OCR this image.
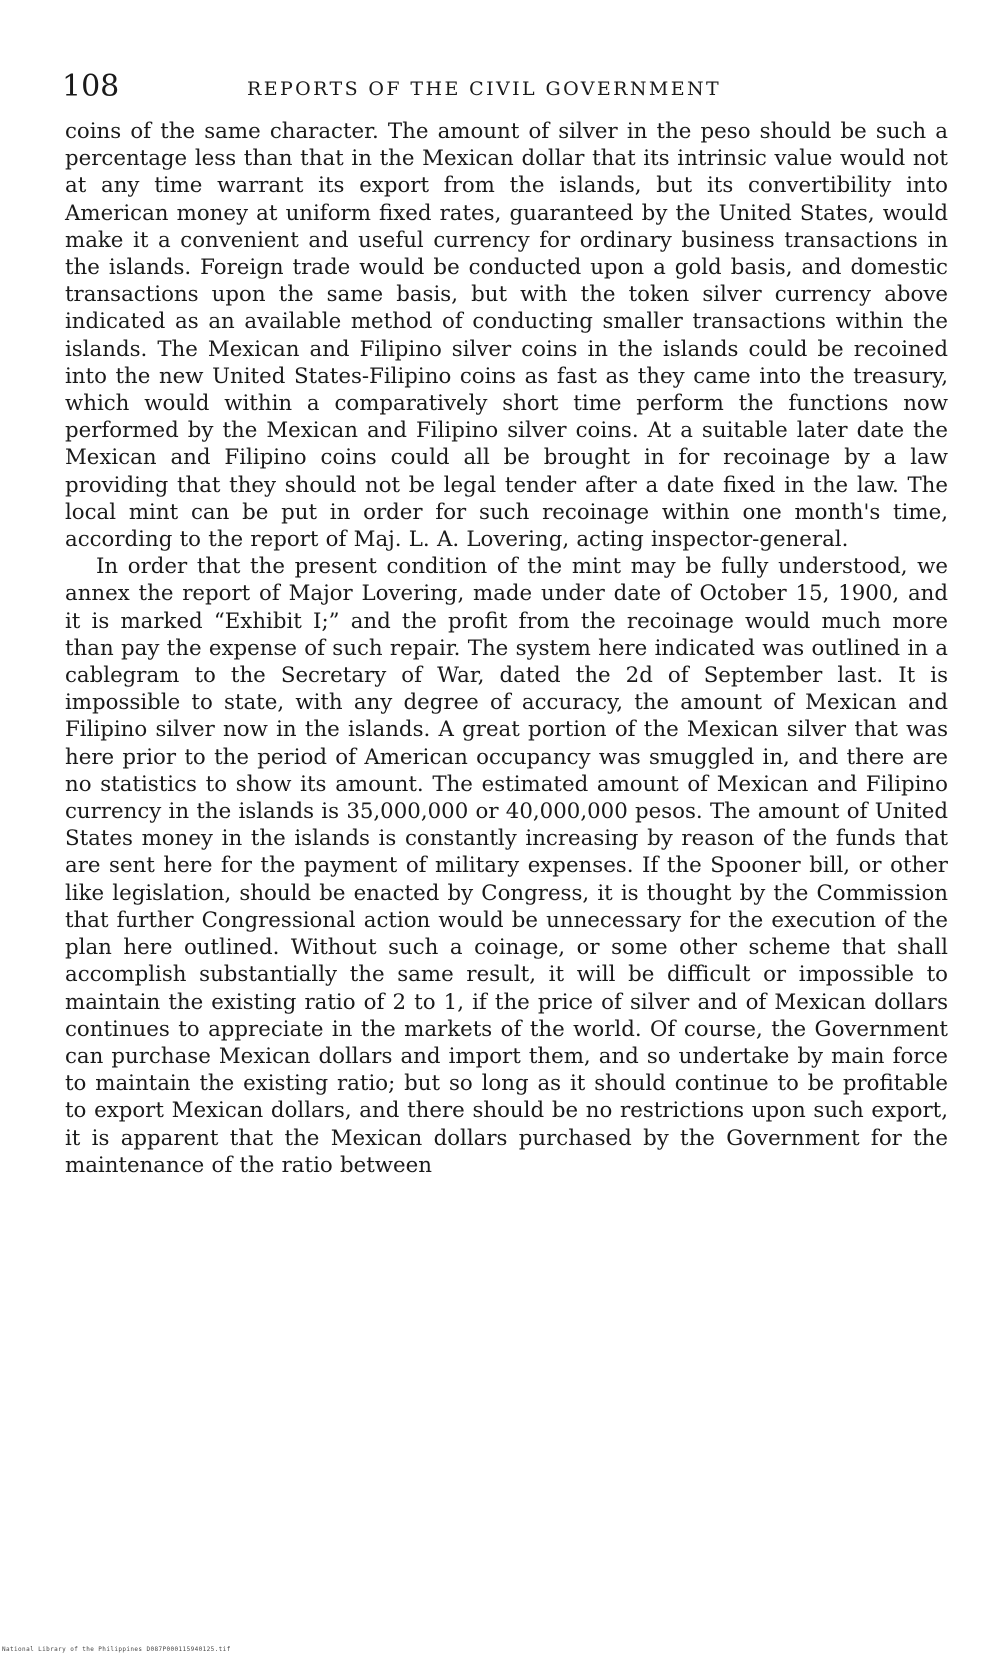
108	REPORTS OF THE CIVIL GOVERNMENT

coins of the same character. The amount of silver in the peso should be such a percentage less than that in the Mexican dollar that its intrinsic value would not at any time warrant its export from the islands, but its convertibility into American money at uniform fixed rates, guaranteed by the United States, would make it a convenient and useful currency for ordinary business transactions in the islands. Foreign trade would be conducted upon a gold basis, and domestic transactions upon the same basis, but with the token silver currency above indicated as an available method of conducting smaller transactions within the islands. The Mexican and Filipino silver coins in the islands could be recoined into the new United States-Filipino coins as fast as they came into the treasury, which would within a comparatively short time perform the functions now performed by the Mexican and Filipino silver coins. At a suitable later date the Mexican and Filipino coins could all be brought in for recoinage by a law providing that they should not be legal tender after a date fixed in the law. The local mint can be put in order for such recoinage within one month's time, according to the report of Maj. L. A. Lovering, acting inspector-general.

In order that the present condition of the mint may be fully understood, we annex the report of Major Lovering, made under date of October 15, 1900, and it is marked “Exhibit I;” and the profit from the recoinage would much more than pay the expense of such repair. The system here indicated was outlined in a cablegram to the Secretary of War, dated the 2d of September last. It is impossible to state, with any degree of accuracy, the amount of Mexican and Filipino silver now in the islands. A great portion of the Mexican silver that was here prior to the period of American occupancy was smuggled in, and there are no statistics to show its amount. The estimated amount of Mexican and Filipino currency in the islands is 35,000,000 or 40,000,000 pesos. The amount of United States money in the islands is constantly increasing by reason of the funds that are sent here for the payment of military expenses. If the Spooner bill, or other like legislation, should be enacted by Congress, it is thought by the Commission that further Congressional action would be unnecessary for the execution of the plan here outlined. Without such a coinage, or some other scheme that shall accomplish substantially the same result, it will be difficult or impossible to maintain the existing ratio of 2 to 1, if the price of silver and of Mexican dollars continues to appreciate in the markets of the world. Of course, the Government can purchase Mexican dollars and import them, and so undertake by main force to maintain the existing ratio; but so long as it should continue to be profitable to export Mexican dollars, and there should be no restrictions upon such export, it is apparent that the Mexican dollars purchased by the Government for the maintenance of the ratio between

National Library of the Philippines D087P000115940125.tif
